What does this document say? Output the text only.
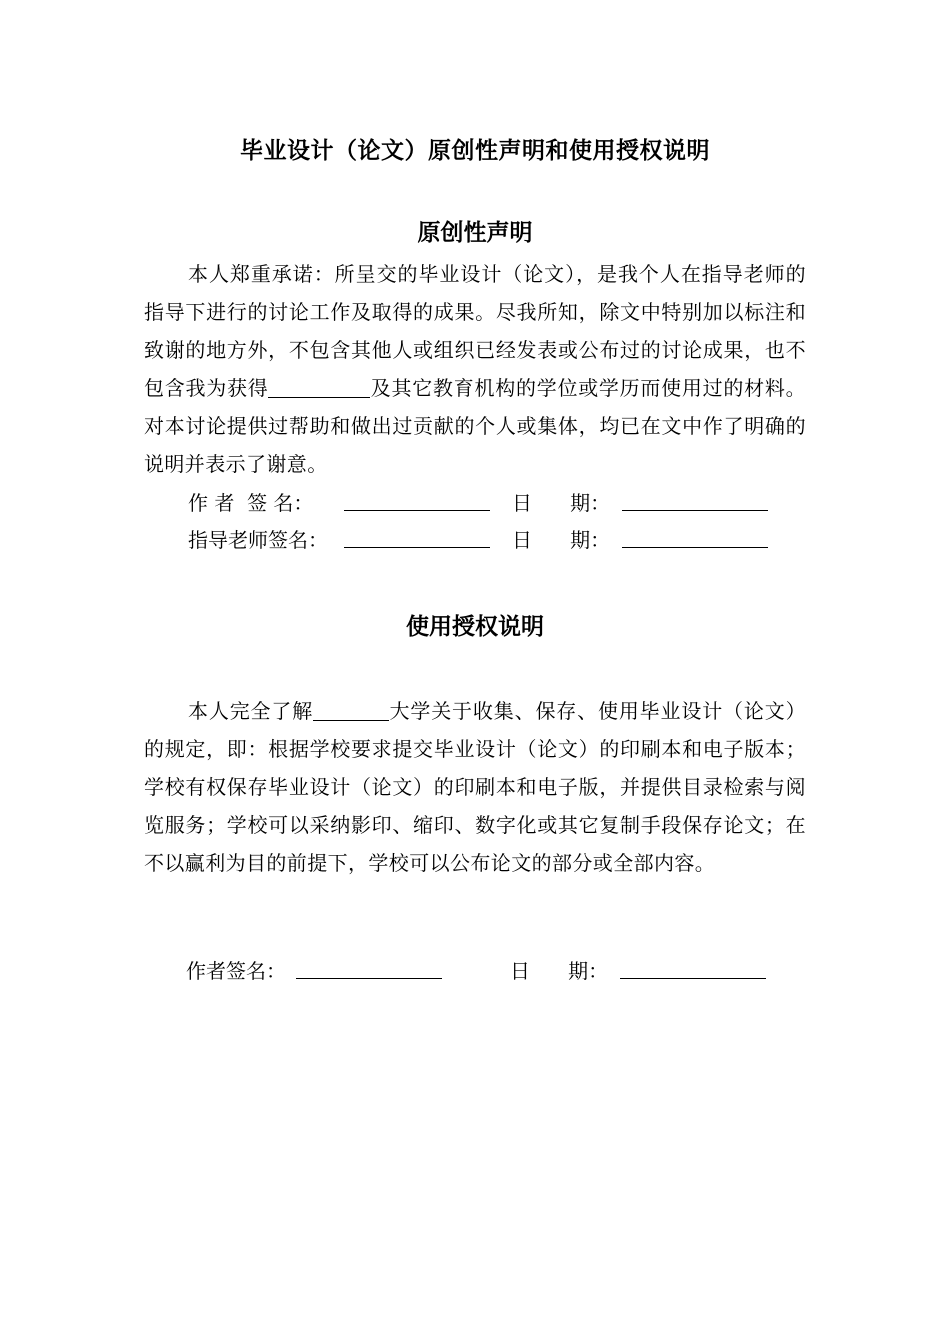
毕业设计（论文）原创性声明和使用授权说明
原创性声明
本人郑重承诺：所呈交的毕业设计（论文），是我个人在指导老师的指导下进行的讨论工作及取得的成果。尽我所知，除文中特别加以标注和致谢的地方外，不包含其他人或组织已经发表或公布过的讨论成果，也不包含我为获得	及其它教育机构的学位或学历而使用过的材料。对本讨论提供过帮助和做出过贡献的个人或集体，均已在文中作了明确的说明并表示了谢意。
作 者  签 名：	日      期：
指导老师签名：	日      期：
使用授权说明
本人完全了解	大学关于收集、保存、使用毕业设计（论文）的规定，即：根据学校要求提交毕业设计（论文）的印刷本和电子版本；学校有权保存毕业设计（论文）的印刷本和电子版，并提供目录检索与阅览服务；学校可以采纳影印、缩印、数字化或其它复制手段保存论文；在不以赢利为目的前提下，学校可以公布论文的部分或全部内容。
作者签名：	日      期：
